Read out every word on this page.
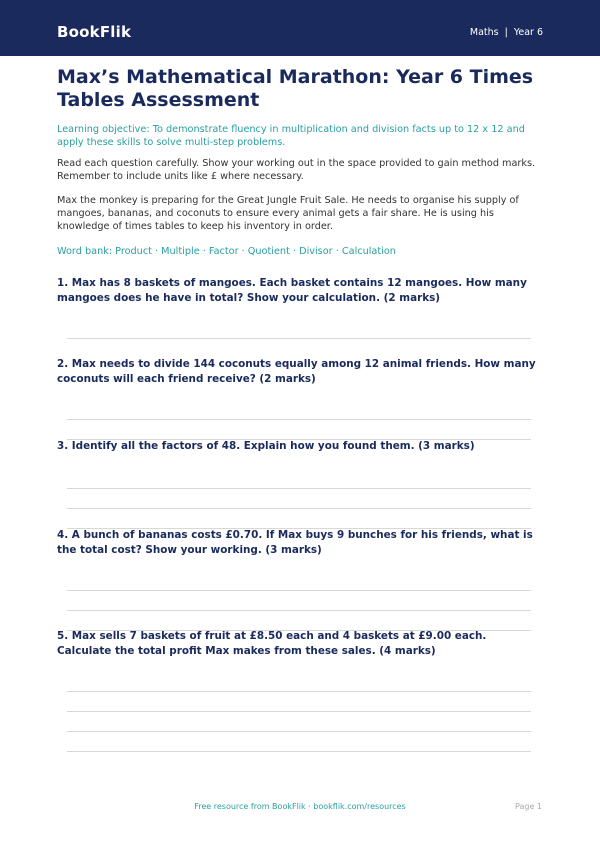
BookFlik	Maths | Year 6
Max’s Mathematical Marathon: Year 6 Times Tables Assessment

Learning objective: To demonstrate fluency in multiplication and division facts up to 12 x 12 and apply these skills to solve multi-step problems.

Read each question carefully. Show your working out in the space provided to gain method marks. Remember to include units like £ where necessary.

Max the monkey is preparing for the Great Jungle Fruit Sale. He needs to organise his supply of mangoes, bananas, and coconuts to ensure every animal gets a fair share. He is using his knowledge of times tables to keep his inventory in order.

Word bank: Product · Multiple · Factor · Quotient · Divisor · Calculation

1. Max has 8 baskets of mangoes. Each basket contains 12 mangoes. How many mangoes does he have in total? Show your calculation. (2 marks)

2. Max needs to divide 144 coconuts equally among 12 animal friends. How many coconuts will each friend receive? (2 marks)

3. Identify all the factors of 48. Explain how you found them. (3 marks)

4. A bunch of bananas costs £0.70. If Max buys 9 bunches for his friends, what is the total cost? Show your working. (3 marks)

5. Max sells 7 baskets of fruit at £8.50 each and 4 baskets at £9.00 each. Calculate the total profit Max makes from these sales. (4 marks)

Free resource from BookFlik · bookflik.com/resources	Page 1
